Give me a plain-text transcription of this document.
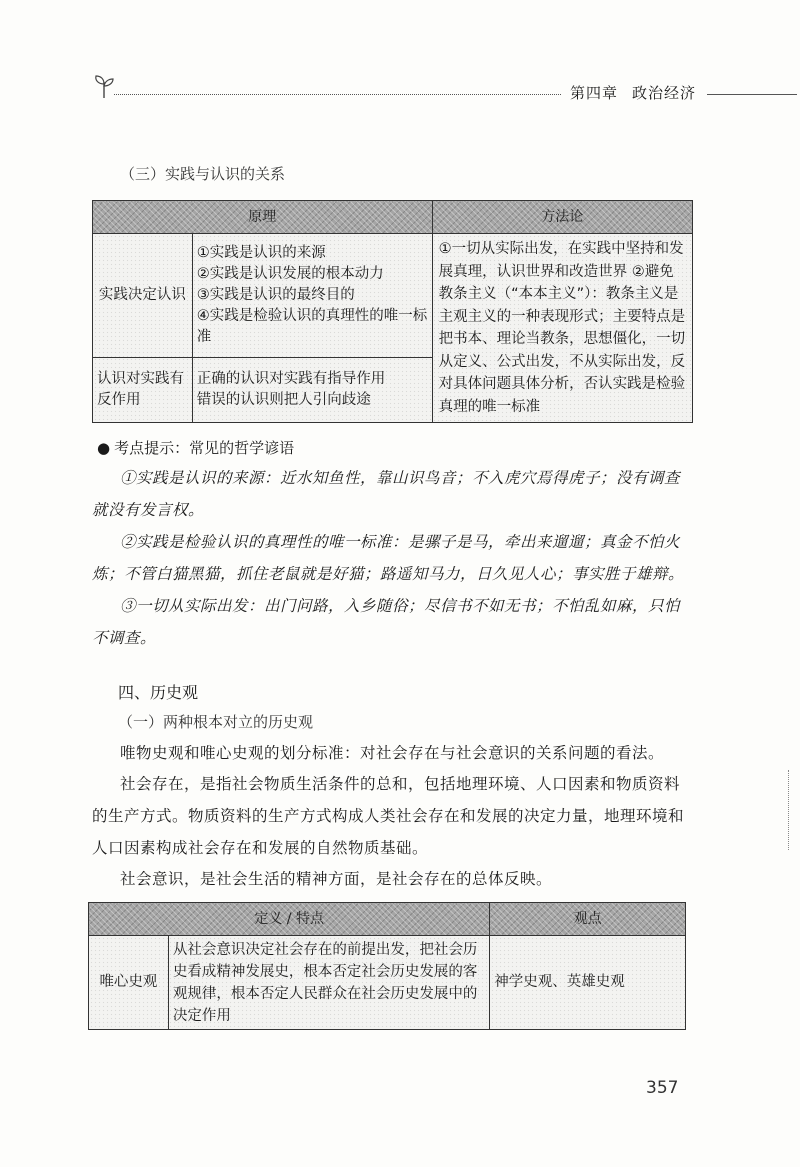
第四章 政治经济
（三）实践与认识的关系
原理		方法论
实践决定认识	①实践是认识的来源
②实践是认识发展的根本动力
③实践是认识的最终目的
④实践是检验认识的真理性的唯一标准	①一切从实际出发，在实践中坚持和发展真理，认识世界和改造世界 ②避免教条主义（“本本主义”）：教条主义是主观主义的一种表现形式；主要特点是把书本、理论当教条，思想僵化，一切从定义、公式出发，不从实际出发，反对具体问题具体分析，否认实践是检验真理的唯一标准

认识对实践有反作用	正确的认识对实践有指导作用
错误的认识则把人引向歧途	
● 考点提示：常见的哲学谚语
①实践是认识的来源：近水知鱼性，靠山识鸟音；不入虎穴焉得虎子；没有调查就没有发言权。
②实践是检验认识的真理性的唯一标准：是骡子是马，牵出来遛遛；真金不怕火炼；不管白猫黑猫，抓住老鼠就是好猫；路遥知马力，日久见人心；事实胜于雄辩。
③一切从实际出发：出门问路，入乡随俗；尽信书不如无书；不怕乱如麻，只怕不调查。
四、历史观
（一）两种根本对立的历史观
唯物史观和唯心史观的划分标准：对社会存在与社会意识的关系问题的看法。
社会存在，是指社会物质生活条件的总和，包括地理环境、人口因素和物质资料的生产方式。物质资料的生产方式构成人类社会存在和发展的决定力量，地理环境和人口因素构成社会存在和发展的自然物质基础。
社会意识，是社会生活的精神方面，是社会存在的总体反映。
定义 / 特点		观点
唯心史观	从社会意识决定社会存在的前提出发，把社会历史看成精神发展史，根本否定社会历史发展的客观规律，根本否定人民群众在社会历史发展中的决定作用	神学史观、英雄史观
357
